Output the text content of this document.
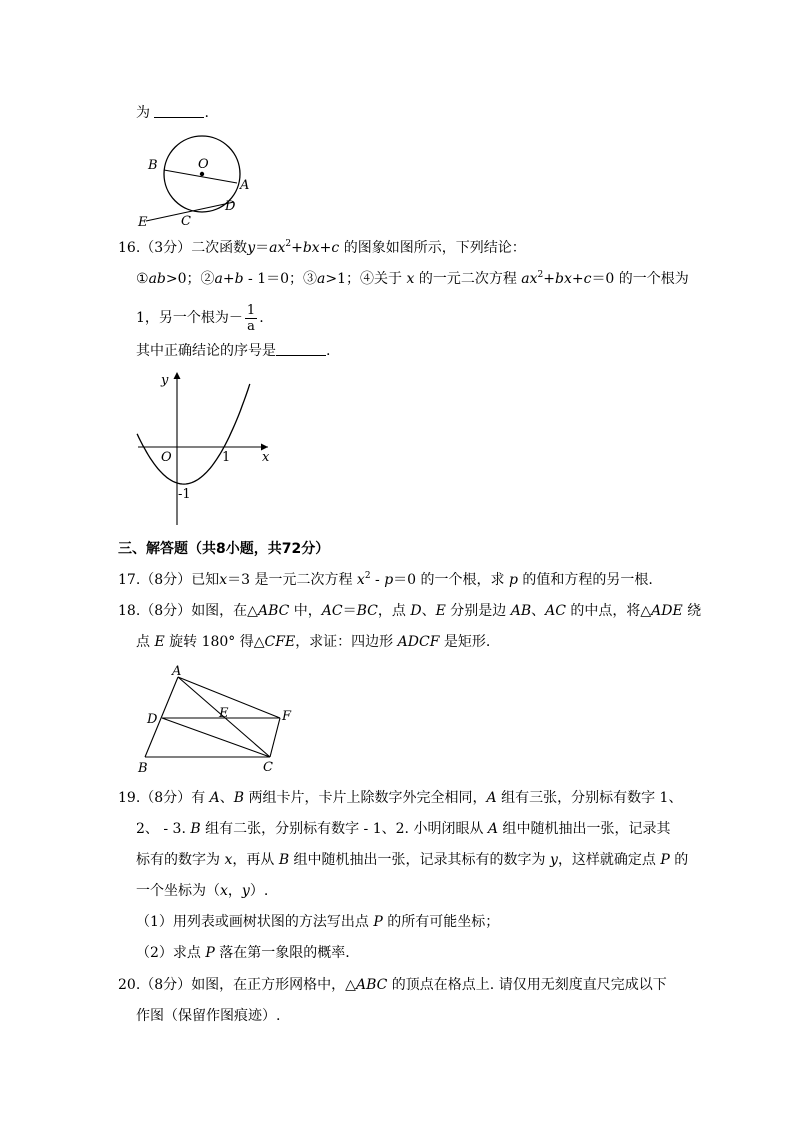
为	.
B	O
A
D
C
E
16.（3分）二次函数$y=ax^2+bx+c$ 的图象如图所示，下列结论：
①ab>0；②a+b - 1＝0；③a>1；④关于 x 的一元二次方程 $ax^2+bx+c=0$ 的一个根为
1，另一个根为－ $\frac{1}{a}$ .
其中正确结论的序号是	.
y
x
O	1
-1
三、解答题（共8小题，共72分）
17.（8分）已知x＝3 是一元二次方程 $x^2 - p=0$ 的一个根，求 p 的值和方程的另一根.
18.（8分）如图，在△ABC 中，AC＝BC，点 D、E 分别是边 AB、AC 的中点，将△ADE 绕
点 E 旋转 180° 得△CFE，求证：四边形 ADCF 是矩形.
A
D	E	F
B	C
19.（8分）有 A、B 两组卡片，卡片上除数字外完全相同，A 组有三张，分别标有数字 1、
2、 - 3. B 组有二张，分别标有数字 - 1、2. 小明闭眼从 A 组中随机抽出一张，记录其
标有的数字为 x，再从 B 组中随机抽出一张，记录其标有的数字为 y，这样就确定点 P 的
一个坐标为（x，y）.
（1）用列表或画树状图的方法写出点 P 的所有可能坐标；
（2）求点 P 落在第一象限的概率.
20.（8分）如图，在正方形网格中，△ABC 的顶点在格点上. 请仅用无刻度直尺完成以下
作图（保留作图痕迹）.
